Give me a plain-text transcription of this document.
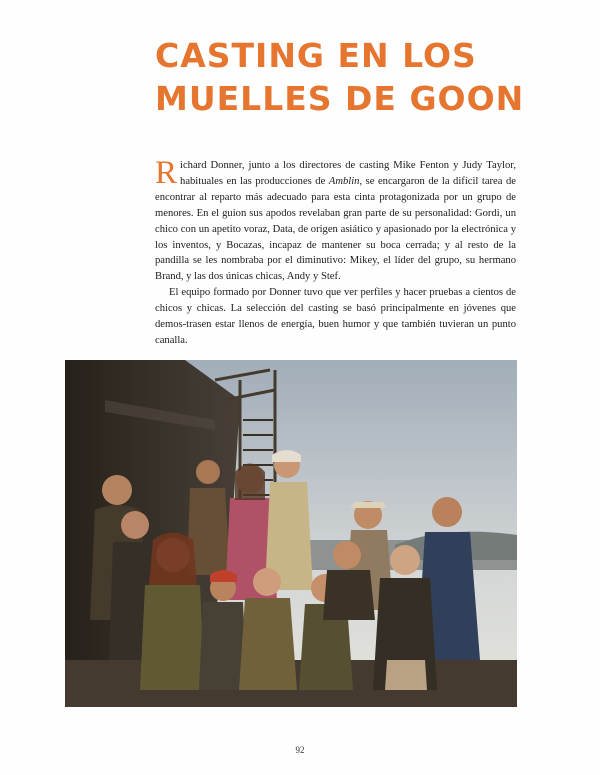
CASTING EN LOS
MUELLES DE GOON

Richard Donner, junto a los directores de casting Mike Fenton y Judy Taylor, habituales en las producciones de Amblin, se encargaron de la difícil tarea de encontrar al reparto más adecuado para esta cinta protagonizada por un grupo de menores. En el guion sus apodos revelaban gran parte de su personalidad: Gordi, un chico con un apetito voraz, Data, de origen asiático y apasionado por la electrónica y los inventos, y Bocazas, incapaz de mantener su boca cerrada; y al resto de la pandilla se les nombraba por el diminutivo: Mikey, el líder del grupo, su hermano Brand, y las dos únicas chicas, Andy y Stef.

El equipo formado por Donner tuvo que ver perfiles y hacer pruebas a cientos de chicos y chicas. La selección del casting se basó principalmente en jóvenes que demos-trasen estar llenos de energía, buen humor y que también tuvieran un punto canalla.

92
